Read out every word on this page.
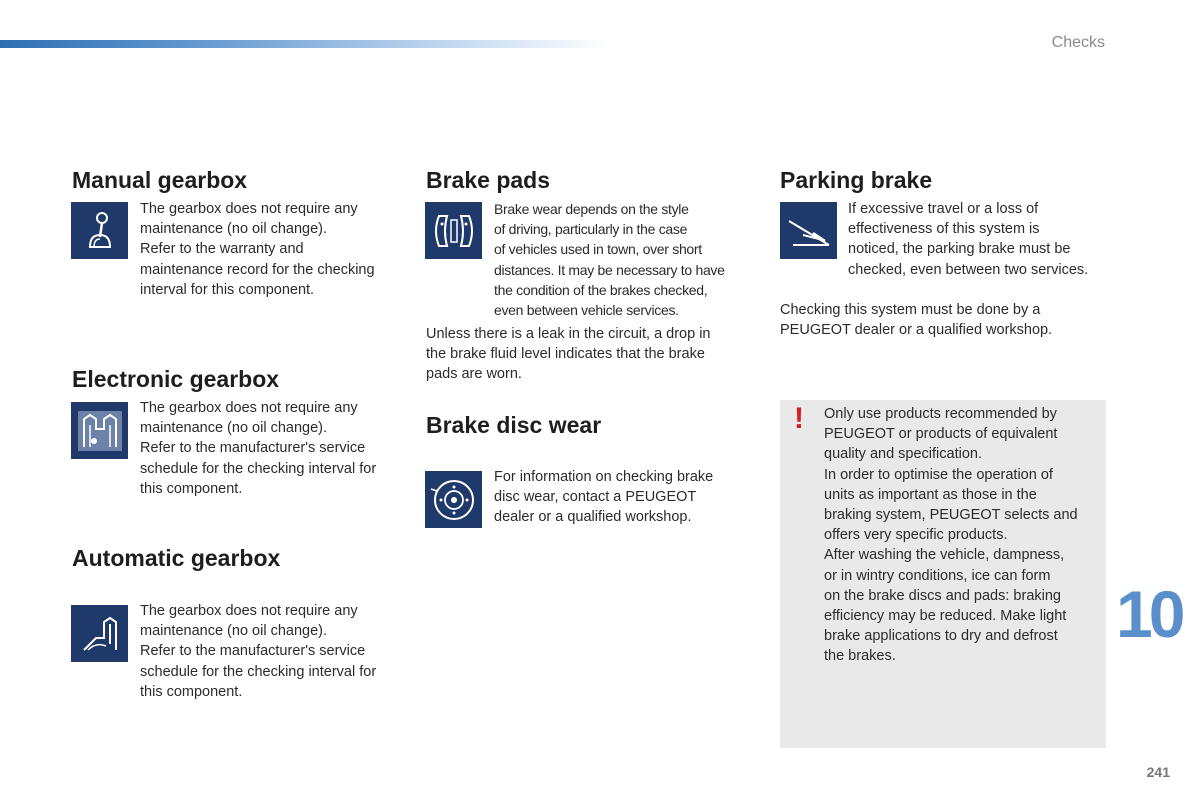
Checks
Manual gearbox

The gearbox does not require any

maintenance (no oil change).

Refer to the warranty and

maintenance record for the checking

interval for this component.

Electronic gearbox

The gearbox does not require any

maintenance (no oil change).

Refer to the manufacturer's service

schedule for the checking interval for

this component.

Automatic gearbox

The gearbox does not require any

maintenance (no oil change).

Refer to the manufacturer's service

schedule for the checking interval for

this component.

Brake pads

Brake wear depends on the style

of driving, particularly in the case

of vehicles used in town, over short

distances. It may be necessary to have

the condition of the brakes checked,

even between vehicle services.

Unless there is a leak in the circuit, a drop in

the brake fluid level indicates that the brake

pads are worn.

Brake disc wear

For information on checking brake

disc wear, contact a PEUGEOT

dealer or a qualified workshop.

Parking brake

If excessive travel or a loss of

effectiveness of this system is

noticed, the parking brake must be

checked, even between two services.

Checking this system must be done by a

PEUGEOT dealer or a qualified workshop.

! Only use products recommended by

PEUGEOT or products of equivalent

quality and specification.

In order to optimise the operation of

units as important as those in the

braking system, PEUGEOT selects and

offers very specific products.

After washing the vehicle, dampness,

or in wintry conditions, ice can form

on the brake discs and pads: braking

efficiency may be reduced. Make light

brake applications to dry and defrost

the brakes.

10
241
